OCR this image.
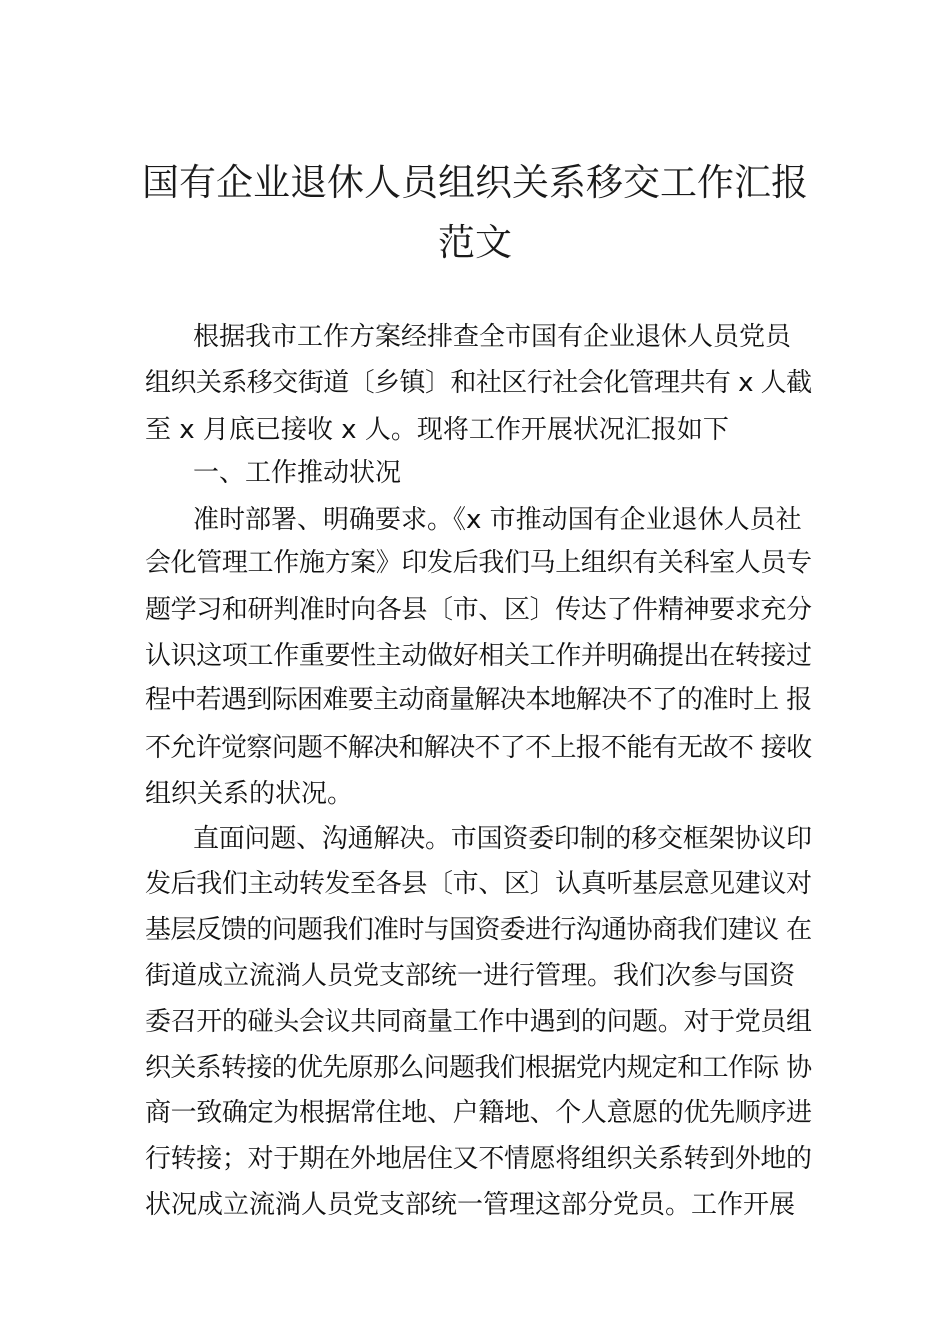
国有企业退休人员组织关系移交工作汇报
范文
根据我市工作方案经排查全市国有企业退休人员党员
组织关系移交街道〔乡镇〕和社区行社会化管理共有 x 人截
至 x 月底已接收 x 人。现将工作开展状况汇报如下
一、工作推动状况
准时部署、明确要求。《x 市推动国有企业退休人员社
会化管理工作施方案》印发后我们马上组织有关科室人员专
题学习和研判准时向各县〔市、区〕传达了件精神要求充分
认识这项工作重要性主动做好相关工作并明确提出在转接过
程中若遇到际困难要主动商量解决本地解决不了的准时上 报
不允许觉察问题不解决和解决不了不上报不能有无故不 接收
组织关系的状况。
直面问题、沟通解决。市国资委印制的移交框架协议印
发后我们主动转发至各县〔市、区〕认真听基层意见建议对
基层反馈的问题我们准时与国资委进行沟通协商我们建议 在
街道成立流淌人员党支部统一进行管理。我们次参与国资
委召开的碰头会议共同商量工作中遇到的问题。对于党员组
织关系转接的优先原那么问题我们根据党内规定和工作际 协
商一致确定为根据常住地、户籍地、个人意愿的优先顺序进
行转接；对于期在外地居住又不情愿将组织关系转到外地的
状况成立流淌人员党支部统一管理这部分党员。工作开展
